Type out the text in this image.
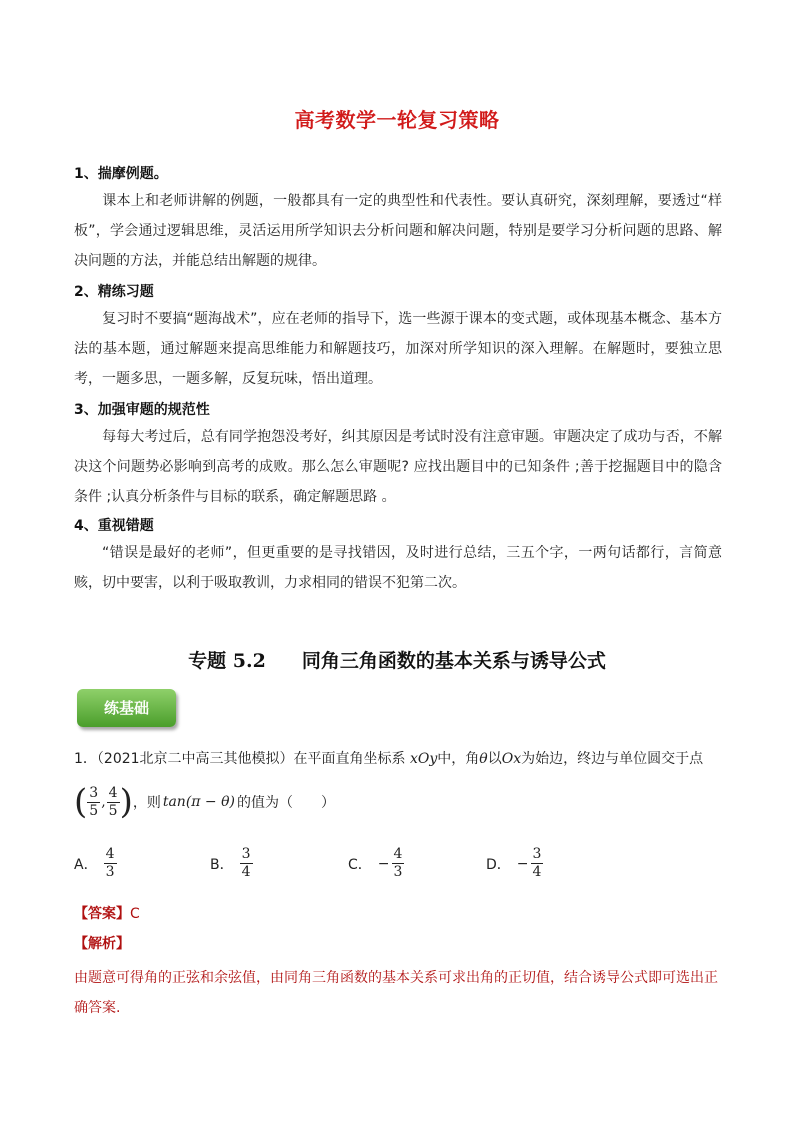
高考数学一轮复习策略
1、揣摩例题。
课本上和老师讲解的例题，一般都具有一定的典型性和代表性。要认真研究，深刻理解，要透过“样板”，学会通过逻辑思维，灵活运用所学知识去分析问题和解决问题，特别是要学习分析问题的思路、解决问题的方法，并能总结出解题的规律。
2、精练习题
复习时不要搞“题海战术”，应在老师的指导下，选一些源于课本的变式题，或体现基本概念、基本方法的基本题，通过解题来提高思维能力和解题技巧，加深对所学知识的深入理解。在解题时，要独立思考，一题多思，一题多解，反复玩味，悟出道理。
3、加强审题的规范性
每每大考过后，总有同学抱怨没考好，纠其原因是考试时没有注意审题。审题决定了成功与否，不解决这个问题势必影响到高考的成败。那么怎么审题呢? 应找出题目中的已知条件 ;善于挖掘题目中的隐含条件 ;认真分析条件与目标的联系，确定解题思路 。
4、重视错题
“错误是最好的老师”，但更重要的是寻找错因，及时进行总结，三五个字，一两句话都行，言简意赅，切中要害，以利于吸取教训，力求相同的错误不犯第二次。
专题 5.2 同角三角函数的基本关系与诱导公式
练基础
1．（2021北京二中高三其他模拟）在平面直角坐标系 xOy中，角θ以Ox为始边，终边与单位圆交于点
( $\frac{3}{5}$ , $\frac{4}{5}$ ) ，则 tan(π − θ) 的值为（　　）
A． $\frac{4}{3}$	B． $\frac{3}{4}$	C． − $\frac{4}{3}$	D． − $\frac{3}{4}$
【答案】C
【解析】
由题意可得角的正弦和余弦值，由同角三角函数的基本关系可求出角的正切值，结合诱导公式即可选出正确答案.
